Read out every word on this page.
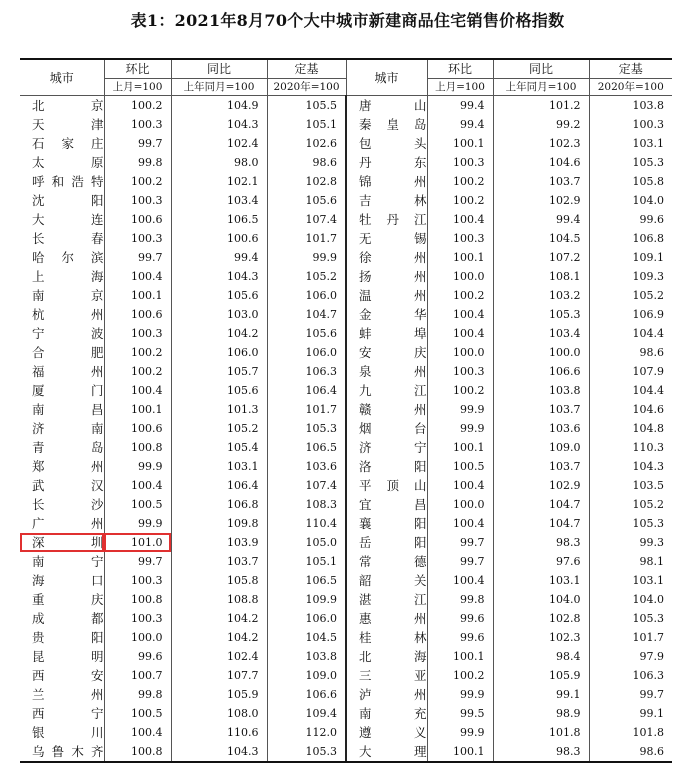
表1：2021年8月70个大中城市新建商品住宅销售价格指数
城市	环比	同比	定基	城市	环比	同比	定基
	上月=100	上年同月=100	2020年=100		上月=100	上年同月=100	2020年=100
北　京	100.2	104.9	105.5	唐　山	99.4	101.2	103.8
天　津	100.3	104.3	105.1	秦皇岛	99.4	99.2	100.3
石家庄	99.7	102.4	102.6	包　头	100.1	102.3	103.1
太　原	99.8	98.0	98.6	丹　东	100.3	104.6	105.3
呼和浩特	100.2	102.1	102.8	锦　州	100.2	103.7	105.8
沈　阳	100.3	103.4	105.6	吉　林	100.2	102.9	104.0
大　连	100.6	106.5	107.4	牡丹江	100.4	99.4	99.6
长　春	100.3	100.6	101.7	无　锡	100.3	104.5	106.8
哈尔滨	99.7	99.4	99.9	徐　州	100.1	107.2	109.1
上　海	100.4	104.3	105.2	扬　州	100.0	108.1	109.3
南　京	100.1	105.6	106.0	温　州	100.2	103.2	105.2
杭　州	100.6	103.0	104.7	金　华	100.4	105.3	106.9
宁　波	100.3	104.2	105.6	蚌　埠	100.4	103.4	104.4
合　肥	100.2	106.0	106.0	安　庆	100.0	100.0	98.6
福　州	100.2	105.7	106.3	泉　州	100.3	106.6	107.9
厦　门	100.4	105.6	106.4	九　江	100.2	103.8	104.4
南　昌	100.1	101.3	101.7	赣　州	99.9	103.7	104.6
济　南	100.6	105.2	105.3	烟　台	99.9	103.6	104.8
青　岛	100.8	105.4	106.5	济　宁	100.1	109.0	110.3
郑　州	99.9	103.1	103.6	洛　阳	100.5	103.7	104.3
武　汉	100.4	106.4	107.4	平顶山	100.4	102.9	103.5
长　沙	100.5	106.8	108.3	宜　昌	100.0	104.7	105.2
广　州	99.9	109.8	110.4	襄　阳	100.4	104.7	105.3
深　圳	101.0	103.9	105.0	岳　阳	99.7	98.3	99.3
南　宁	99.7	103.7	105.1	常　德	99.7	97.6	98.1
海　口	100.3	105.8	106.5	韶　关	100.4	103.1	103.1
重　庆	100.8	108.8	109.9	湛　江	99.8	104.0	104.0
成　都	100.3	104.2	106.0	惠　州	99.6	102.8	105.3
贵　阳	100.0	104.2	104.5	桂　林	99.6	102.3	101.7
昆　明	99.6	102.4	103.8	北　海	100.1	98.4	97.9
西　安	100.7	107.7	109.0	三　亚	100.2	105.9	106.3
兰　州	99.8	105.9	106.6	泸　州	99.9	99.1	99.7
西　宁	100.5	108.0	109.4	南　充	99.5	98.9	99.1
银　川	100.4	110.6	112.0	遵　义	99.9	101.8	101.8
乌鲁木齐	100.8	104.3	105.3	大　理	100.1	98.3	98.6
